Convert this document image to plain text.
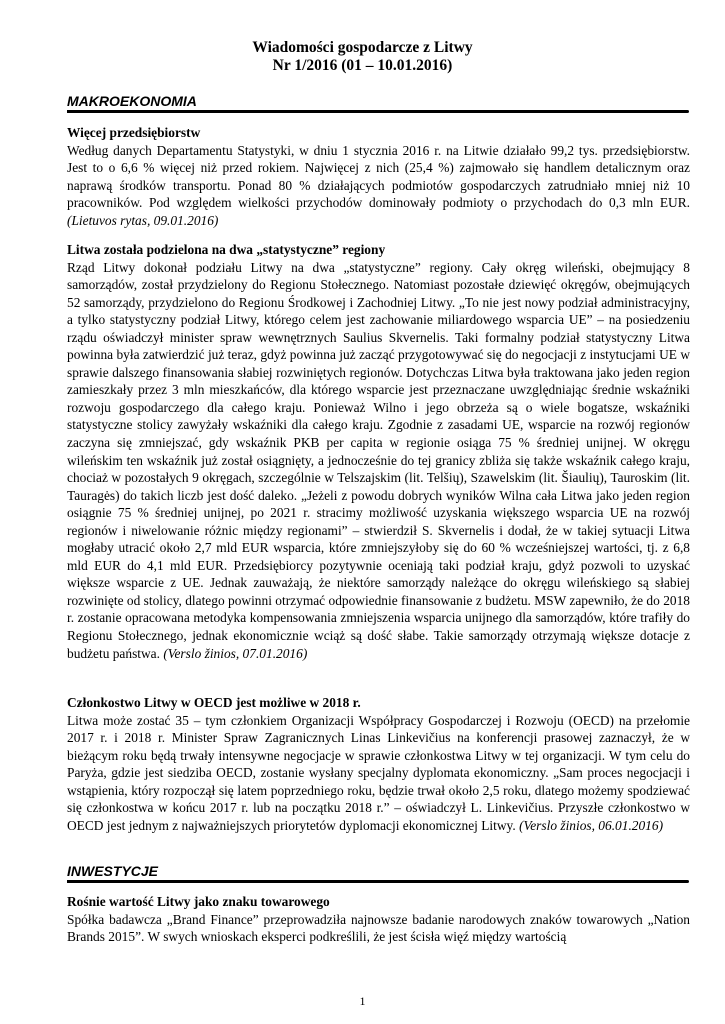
Wiadomości gospodarcze z Litwy
Nr 1/2016 (01 – 10.01.2016)
MAKROEKONOMIA

Więcej przedsiębiorstw

Według danych Departamentu Statystyki, w dniu 1 stycznia 2016 r. na Litwie działało 99,2 tys. przedsiębiorstw. Jest to o 6,6 % więcej niż przed rokiem. Najwięcej z nich (25,4 %) zajmowało się handlem detalicznym oraz naprawą środków transportu. Ponad 80 % działających podmiotów gospodarczych zatrudniało mniej niż 10 pracowników. Pod względem wielkości przychodów dominowały podmioty o przychodach do 0,3 mln EUR. (Lietuvos rytas, 09.01.2016)

Litwa została podzielona na dwa „statystyczne” regiony

Rząd Litwy dokonał podziału Litwy na dwa „statystyczne” regiony. Cały okręg wileński, obejmujący 8 samorządów, został przydzielony do Regionu Stołecznego. Natomiast pozostałe dziewięć okręgów, obejmujących 52 samorządy, przydzielono do Regionu Środkowej i Zachodniej Litwy. „To nie jest nowy podział administracyjny, a tylko statystyczny podział Litwy, którego celem jest zachowanie miliardowego wsparcia UE” – na posiedzeniu rządu oświadczył minister spraw wewnętrznych Saulius Skvernelis. Taki formalny podział statystyczny Litwa powinna była zatwierdzić już teraz, gdyż powinna już zacząć przygotowywać się do negocjacji z instytucjami UE w sprawie dalszego finansowania słabiej rozwiniętych regionów. Dotychczas Litwa była traktowana jako jeden region zamieszkały przez 3 mln mieszkańców, dla którego wsparcie jest przeznaczane uwzględniając średnie wskaźniki rozwoju gospodarczego dla całego kraju. Ponieważ Wilno i jego obrzeża są o wiele bogatsze, wskaźniki statystyczne stolicy zawyżały wskaźniki dla całego kraju. Zgodnie z zasadami UE, wsparcie na rozwój regionów zaczyna się zmniejszać, gdy wskaźnik PKB per capita w regionie osiąga 75 % średniej unijnej. W okręgu wileńskim ten wskaźnik już został osiągnięty, a jednocześnie do tej granicy zbliża się także wskaźnik całego kraju, chociaż w pozostałych 9 okręgach, szczególnie w Telszajskim (lit. Telšių), Szawelskim (lit. Šiaulių), Tauroskim (lit. Tauragės) do takich liczb jest dość daleko. „Jeżeli z powodu dobrych wyników Wilna cała Litwa jako jeden region osiągnie 75 % średniej unijnej, po 2021 r. stracimy możliwość uzyskania większego wsparcia UE na rozwój regionów i niwelowanie różnic między regionami” – stwierdził S. Skvernelis i dodał, że w takiej sytuacji Litwa mogłaby utracić około 2,7 mld EUR wsparcia, które zmniejszyłoby się do 60 % wcześniejszej wartości, tj. z 6,8 mld EUR do 4,1 mld EUR. Przedsiębiorcy pozytywnie oceniają taki podział kraju, gdyż pozwoli to uzyskać większe wsparcie z UE. Jednak zauważają, że niektóre samorządy należące do okręgu wileńskiego są słabiej rozwinięte od stolicy, dlatego powinni otrzymać odpowiednie finansowanie z budżetu. MSW zapewniło, że do 2018 r. zostanie opracowana metodyka kompensowania zmniejszenia wsparcia unijnego dla samorządów, które trafiły do Regionu Stołecznego, jednak ekonomicznie wciąż są dość słabe. Takie samorządy otrzymają większe dotacje z budżetu państwa. (Verslo žinios, 07.01.2016)

Członkostwo Litwy w OECD jest możliwe w 2018 r.

Litwa może zostać 35 – tym członkiem Organizacji Współpracy Gospodarczej i Rozwoju (OECD) na przełomie 2017 r. i 2018 r. Minister Spraw Zagranicznych Linas Linkevičius na konferencji prasowej zaznaczył, że w bieżącym roku będą trwały intensywne negocjacje w sprawie członkostwa Litwy w tej organizacji. W tym celu do Paryża, gdzie jest siedziba OECD, zostanie wysłany specjalny dyplomata ekonomiczny. „Sam proces negocjacji i wstąpienia, który rozpoczął się latem poprzedniego roku, będzie trwał około 2,5 roku, dlatego możemy spodziewać się członkostwa w końcu 2017 r. lub na początku 2018 r.” – oświadczył L. Linkevičius. Przyszłe członkostwo w OECD jest jednym z najważniejszych priorytetów dyplomacji ekonomicznej Litwy. (Verslo žinios, 06.01.2016)

INWESTYCJE

Rośnie wartość Litwy jako znaku towarowego

Spółka badawcza „Brand Finance” przeprowadziła najnowsze badanie narodowych znaków towarowych „Nation Brands 2015”. W swych wnioskach eksperci podkreślili, że jest ścisła więź między wartością

1
